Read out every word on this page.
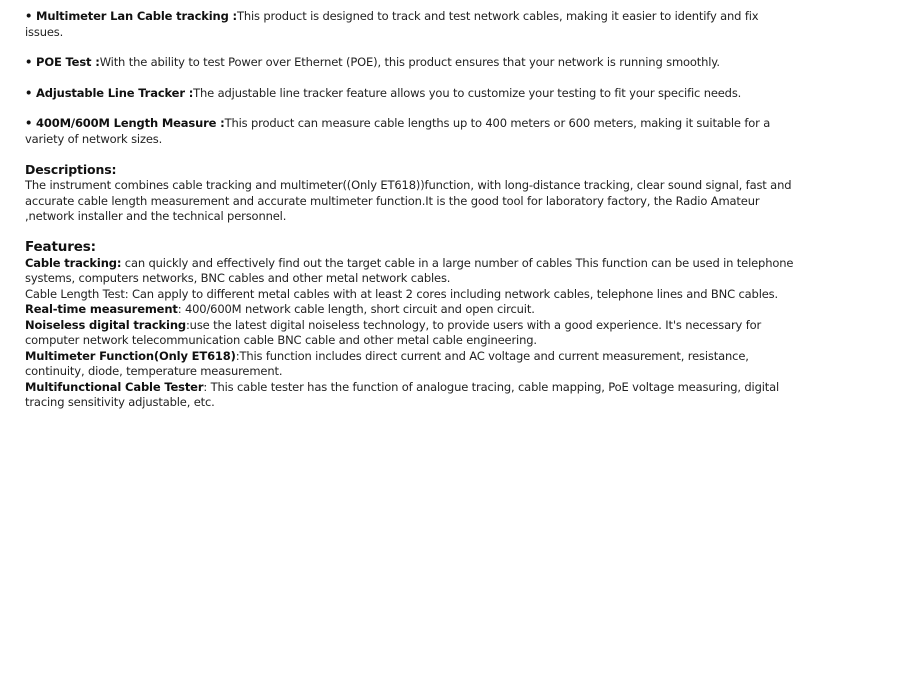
• Multimeter Lan Cable tracking :This product is designed to track and test network cables, making it easier to identify and fix issues.

• POE Test :With the ability to test Power over Ethernet (POE), this product ensures that your network is running smoothly.

• Adjustable Line Tracker :The adjustable line tracker feature allows you to customize your testing to fit your specific needs.

• 400M/600M Length Measure :This product can measure cable lengths up to 400 meters or 600 meters, making it suitable for a variety of network sizes.

Descriptions:

The instrument combines cable tracking and multimeter((Only ET618))function, with long-distance tracking, clear sound signal, fast and accurate cable length measurement and accurate multimeter function.It is the good tool for laboratory factory, the Radio Amateur ,network installer and the technical personnel.

Features:

Cable tracking: can quickly and effectively find out the target cable in a large number of cables This function can be used in telephone systems, computers networks, BNC cables and other metal network cables.

Cable Length Test: Can apply to different metal cables with at least 2 cores including network cables, telephone lines and BNC cables.

Real-time measurement: 400/600M network cable length, short circuit and open circuit.

Noiseless digital tracking:use the latest digital noiseless technology, to provide users with a good experience. It's necessary for computer network telecommunication cable BNC cable and other metal cable engineering.

Multimeter Function(Only ET618):This function includes direct current and AC voltage and current measurement, resistance, continuity, diode, temperature measurement.

Multifunctional Cable Tester: This cable tester has the function of analogue tracing, cable mapping, PoE voltage measuring, digital tracing sensitivity adjustable, etc.
